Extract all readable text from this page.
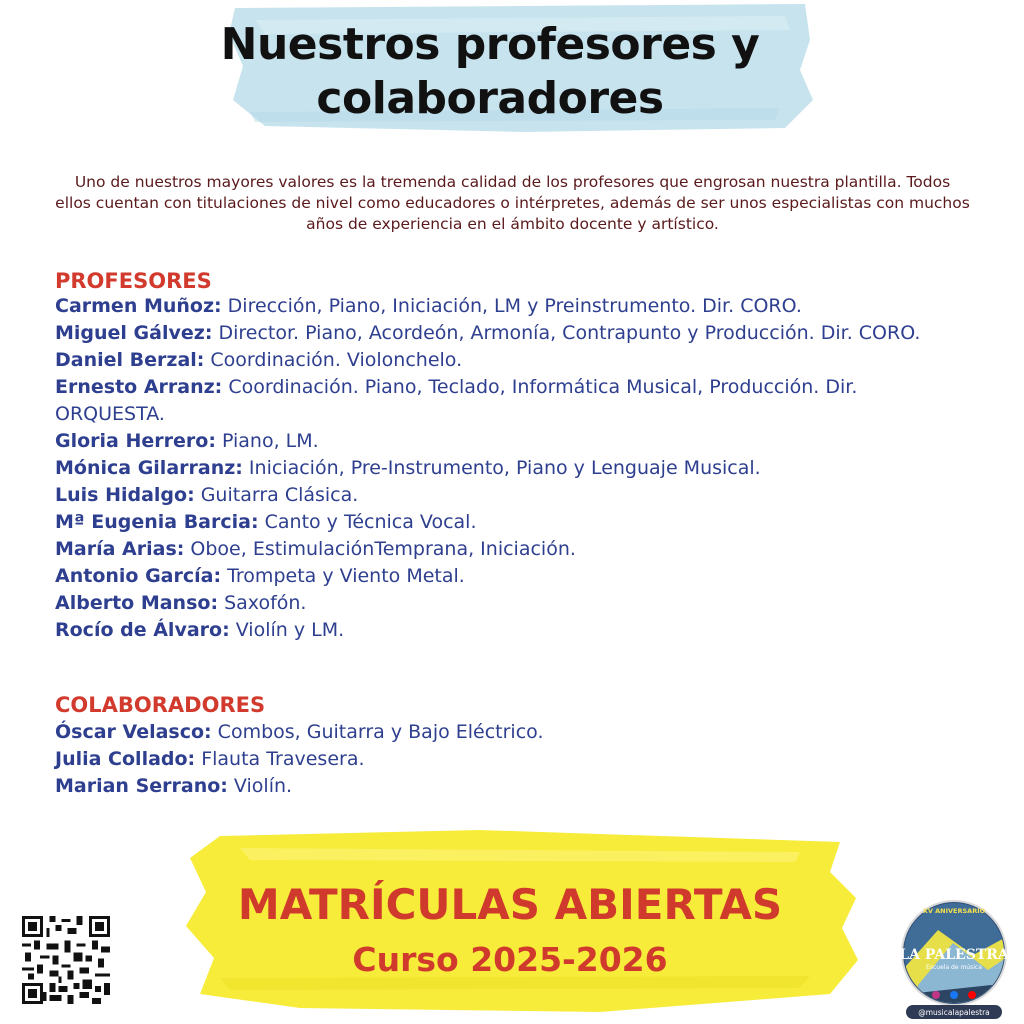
Nuestros profesores y
colaboradores

Uno de nuestros mayores valores es la tremenda calidad de los profesores que engrosan nuestra plantilla. Todos ellos cuentan con titulaciones de nivel como educadores o intérpretes, además de ser unos especialistas con muchos años de experiencia en el ámbito docente y artístico.

PROFESORES
Carmen Muñoz: Dirección, Piano, Iniciación, LM y Preinstrumento. Dir. CORO.
Miguel Gálvez: Director. Piano, Acordeón, Armonía, Contrapunto y Producción. Dir. CORO.
Daniel Berzal: Coordinación. Violonchelo.
Ernesto Arranz: Coordinación. Piano, Teclado, Informática Musical, Producción. Dir. ORQUESTA.
Gloria Herrero: Piano, LM.
Mónica Gilarranz: Iniciación, Pre-Instrumento, Piano y Lenguaje Musical.
Luis Hidalgo: Guitarra Clásica.
Mª Eugenia Barcia: Canto y Técnica Vocal.
María Arias: Oboe, EstimulaciónTemprana, Iniciación.
Antonio García: Trompeta y Viento Metal.
Alberto Manso: Saxofón.
Rocío de Álvaro: Violín y LM.
COLABORADORES
Óscar Velasco: Combos, Guitarra y Bajo Eléctrico.
Julia Collado: Flauta Travesera.
Marian Serrano: Violín.

MATRÍCULAS ABIERTAS

Curso 2025-2026

XV ANIVERSARIO
LA PALESTRA
Escuela de música
@musicalapalestra
